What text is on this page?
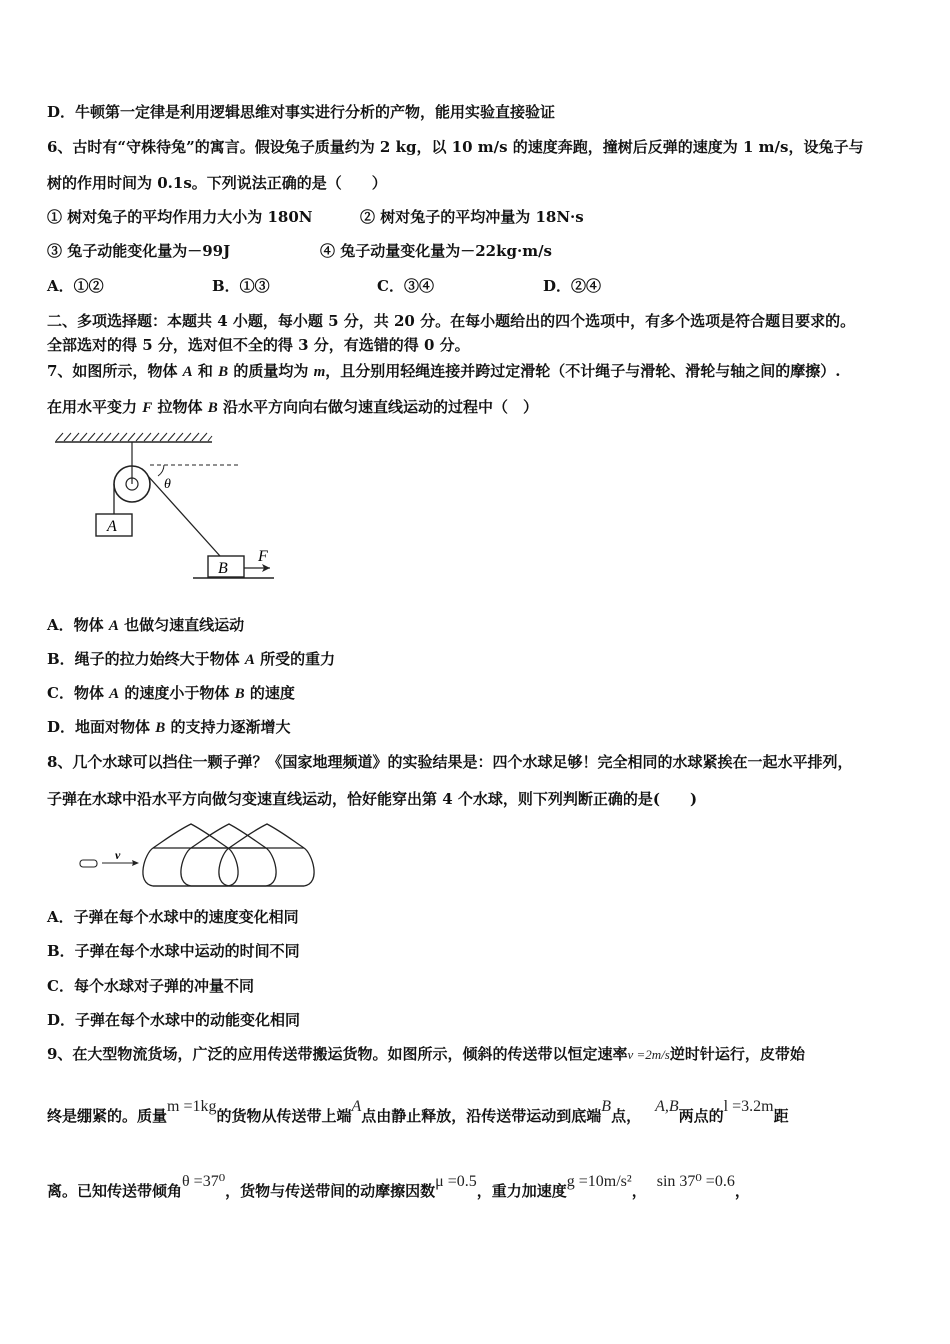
D．牛顿第一定律是利用逻辑思维对事实进行分析的产物，能用实验直接验证
6、古时有“守株待兔”的寓言。假设兔子质量约为 2 kg，以 10 m/s 的速度奔跑，撞树后反弹的速度为 1 m/s，设兔子与
树的作用时间为 0.1s。下列说法正确的是（　　）
① 树对兔子的平均作用力大小为 180N	② 树对兔子的平均冲量为 18N·s
③ 兔子动能变化量为－99J	④ 兔子动量变化量为－22kg·m/s
A．①②	B．①③	C．③④	D．②④
二、多项选择题：本题共 4 小题，每小题 5 分，共 20 分。在每小题给出的四个选项中，有多个选项是符合题目要求的。
全部选对的得 5 分，选对但不全的得 3 分，有选错的得 0 分。
7、如图所示，物体 A 和 B 的质量均为 m，且分别用轻绳连接并跨过定滑轮（不计绳子与滑轮、滑轮与轴之间的摩擦）.
在用水平变力 F 拉物体 B 沿水平方向向右做匀速直线运动的过程中（　）
θ
A
B
F
A．物体 A 也做匀速直线运动
B．绳子的拉力始终大于物体 A 所受的重力
C．物体 A 的速度小于物体 B 的速度
D．地面对物体 B 的支持力逐渐增大
8、几个水球可以挡住一颗子弹？《国家地理频道》的实验结果是：四个水球足够！完全相同的水球紧挨在一起水平排列，
子弹在水球中沿水平方向做匀变速直线运动，恰好能穿出第 4 个水球，则下列判断正确的是(　　)
v
A．子弹在每个水球中的速度变化相同
B．子弹在每个水球中运动的时间不同
C．每个水球对子弹的冲量不同
D．子弹在每个水球中的动能变化相同
9、在大型物流货场，广泛的应用传送带搬运货物。如图所示，倾斜的传送带以恒定速率v =2m/s逆时针运行，皮带始
终是绷紧的。质量m =1kg的货物从传送带上端A点由静止释放，沿传送带运动到底端B点，A,B两点的l =3.2m距
离。已知传送带倾角θ =37⁰，货物与传送带间的动摩擦因数μ =0.5，重力加速度g =10m/s²，sin 37⁰ =0.6，
